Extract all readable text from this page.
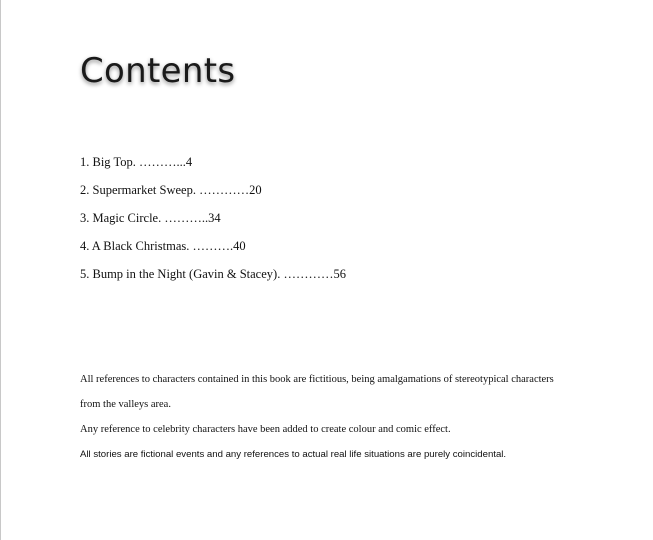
Contents
1. Big Top. ………...4
2. Supermarket Sweep. …………20
3. Magic Circle. ………..34
4. A Black Christmas. ……….40
5. Bump in the Night (Gavin & Stacey). …………56

All references to characters contained in this book are fictitious, being amalgamations of stereotypical characters

from the valleys area.

Any reference to celebrity characters have been added to create colour and comic effect.

All stories are fictional events and any references to actual real life situations are purely coincidental.
